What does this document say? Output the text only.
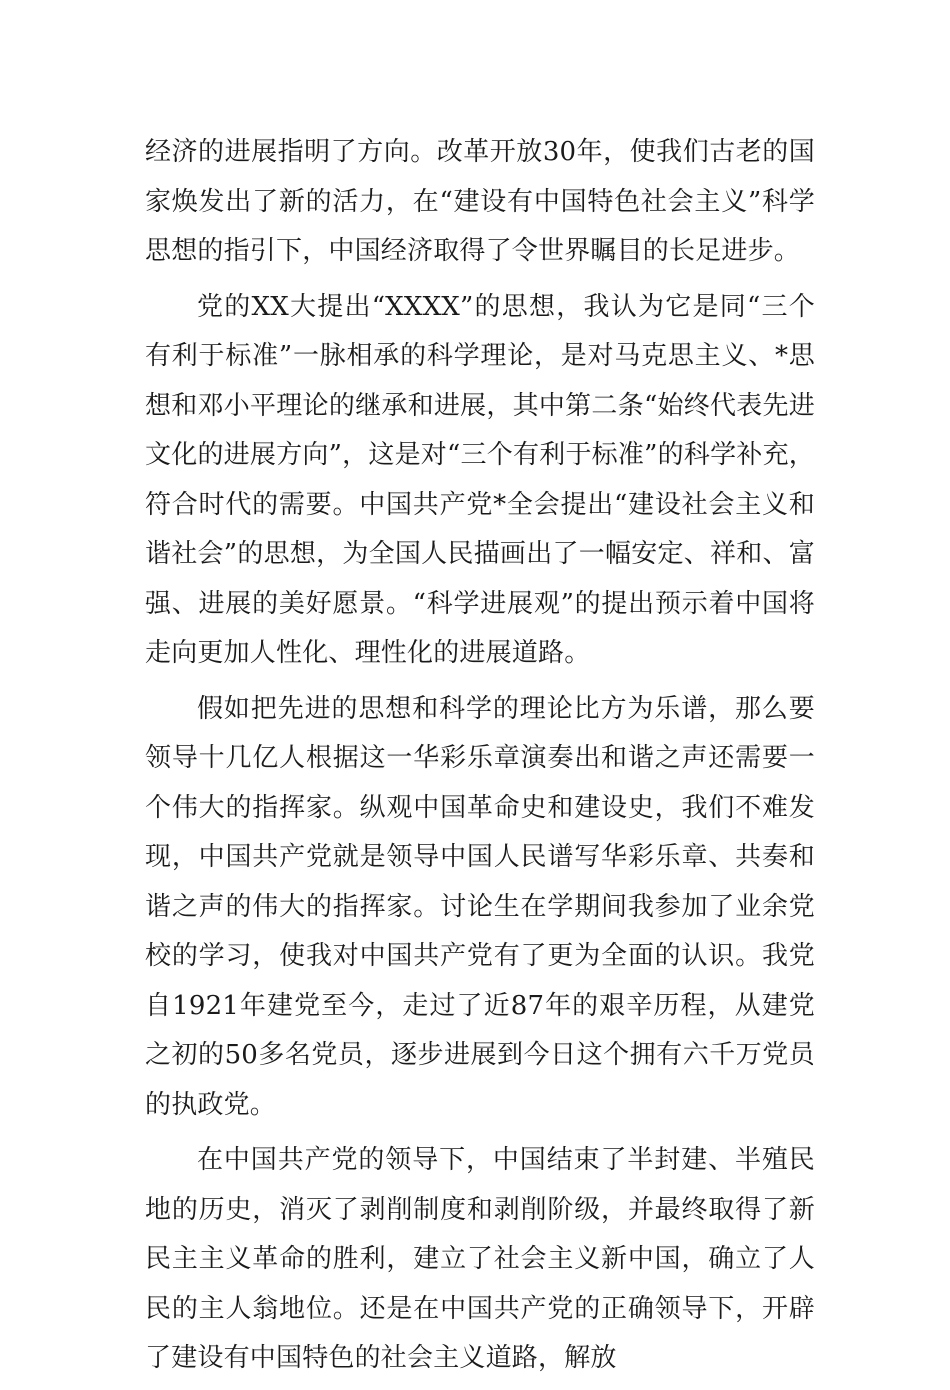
经济的进展指明了方向。改革开放30年，使我们古老的国家焕发出了新的活力，在“建设有中国特色社会主义”科学思想的指引下，中国经济取得了令世界瞩目的长足进步。

党的XX大提出“XXXX”的思想，我认为它是同“三个有利于标准”一脉相承的科学理论，是对马克思主义、*思想和邓小平理论的继承和进展，其中第二条“始终代表先进文化的进展方向”，这是对“三个有利于标准”的科学补充，符合时代的需要。中国共产党*全会提出“建设社会主义和谐社会”的思想，为全国人民描画出了一幅安定、祥和、富强、进展的美好愿景。“科学进展观”的提出预示着中国将走向更加人性化、理性化的进展道路。

假如把先进的思想和科学的理论比方为乐谱，那么要领导十几亿人根据这一华彩乐章演奏出和谐之声还需要一个伟大的指挥家。纵观中国革命史和建设史，我们不难发现，中国共产党就是领导中国人民谱写华彩乐章、共奏和谐之声的伟大的指挥家。讨论生在学期间我参加了业余党校的学习，使我对中国共产党有了更为全面的认识。我党自1921年建党至今，走过了近87年的艰辛历程，从建党之初的50多名党员，逐步进展到今日这个拥有六千万党员的执政党。

在中国共产党的领导下，中国结束了半封建、半殖民地的历史，消灭了剥削制度和剥削阶级，并最终取得了新民主主义革命的胜利，建立了社会主义新中国，确立了人民的主人翁地位。还是在中国共产党的正确领导下，开辟了建设有中国特色的社会主义道路，解放
